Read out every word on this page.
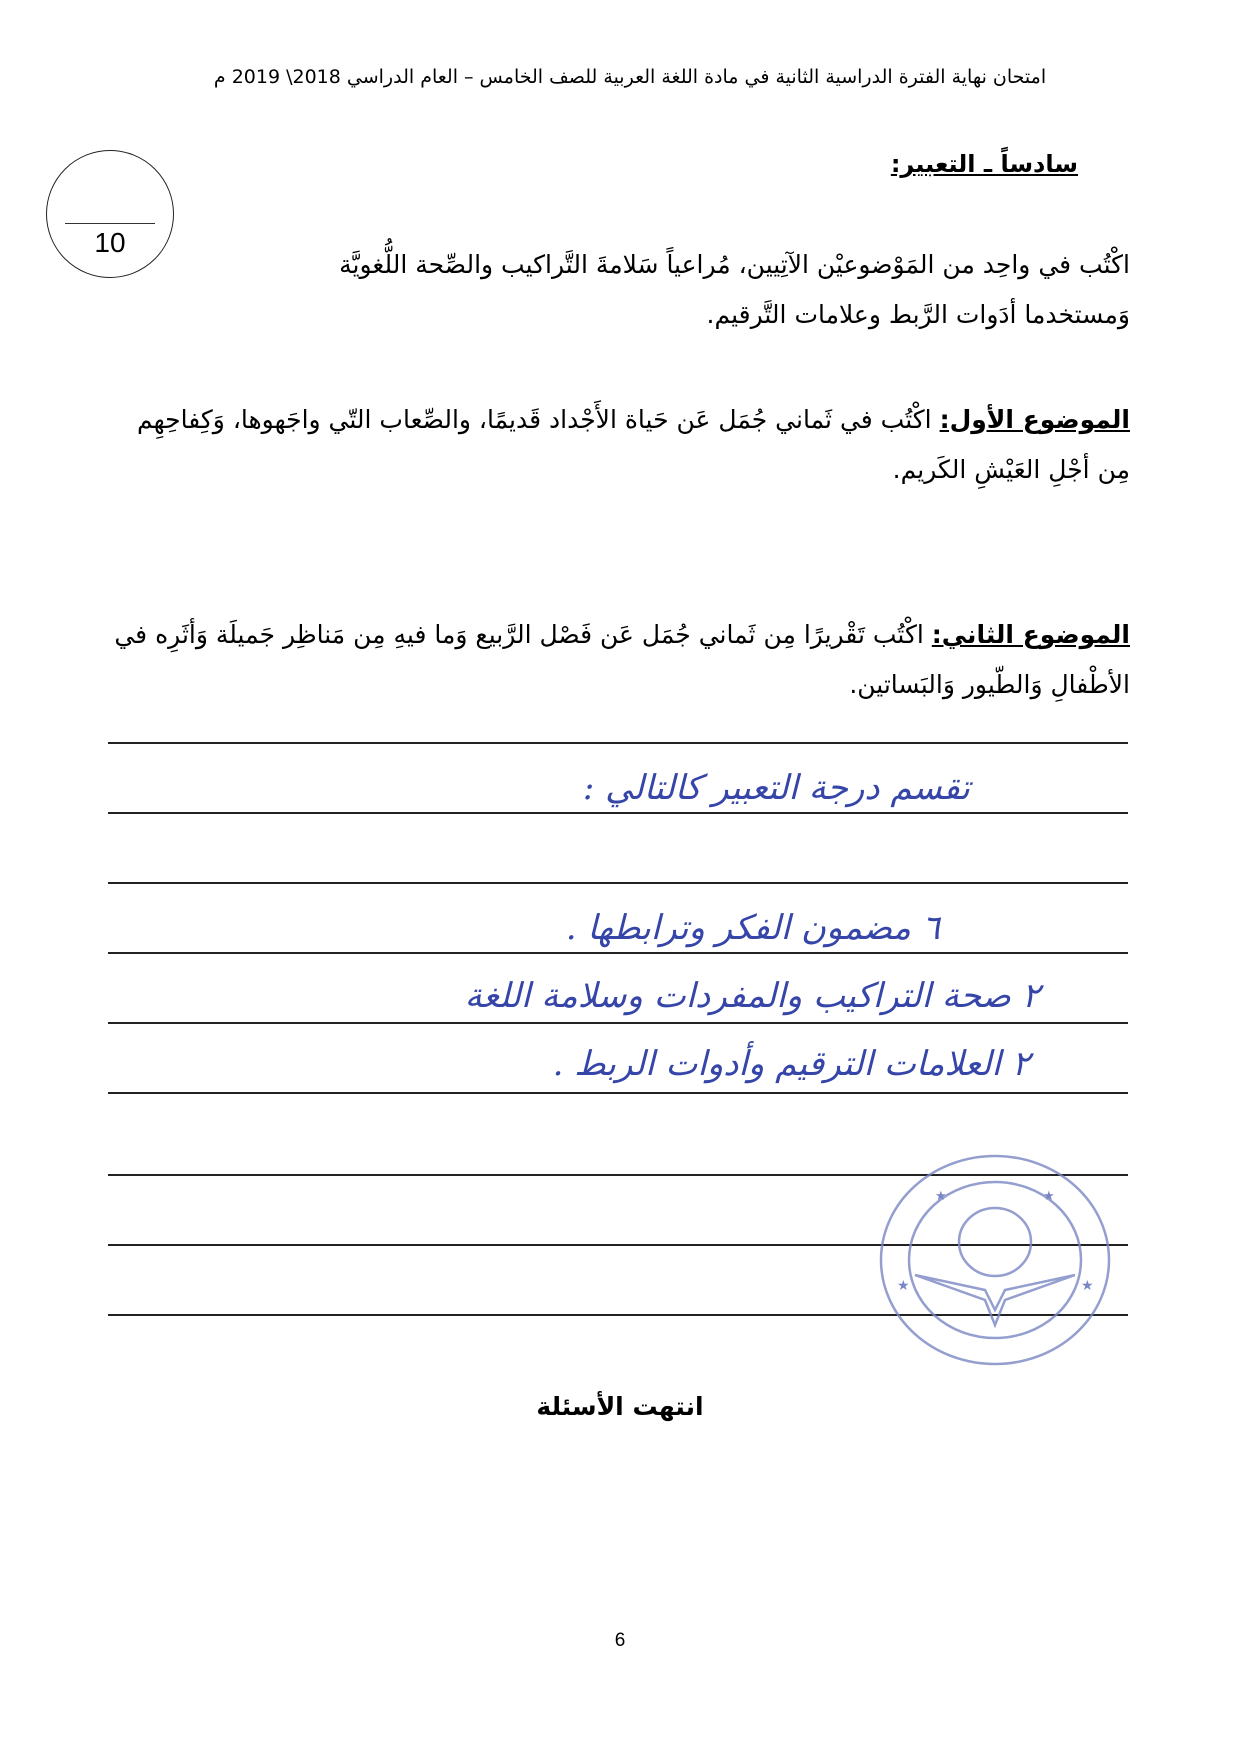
امتحان نهاية الفترة الدراسية الثانية في مادة اللغة العربية للصف الخامس – العام الدراسي 2018\ 2019 م
سادساً ـ التعبير:
10
اكْتُب في واحِد من المَوْضوعيْن الآتِيين، مُراعياً سَلامةَ التَّراكيب والصِّحة اللُّغويَّة وَمستخدما أدَوات الرَّبط وعلامات التَّرقيم.
الموضوع الأول: اكْتُب في ثَماني جُمَل عَن حَياة الأَجْداد قَديمًا، والصِّعاب التّي واجَهوها، وَكِفاحِهِم مِن أجْلِ العَيْشِ الكَريم.
الموضوع الثاني: اكْتُب تَقْريرًا مِن ثَماني جُمَل عَن فَصْل الرَّبيع وَما فيهِ مِن مَناظِر جَميلَة وَأثَرِه في الأطْفالِ وَالطّيور وَالبَساتين.
تقسم درجة التعبير كالتالي :
٦ مضمون الفكر وترابطها .
٢ صحة التراكيب والمفردات وسلامة اللغة
٢ العلامات الترقيم وأدوات الربط .
★	★
★	★
انتهت الأسئلة
6
